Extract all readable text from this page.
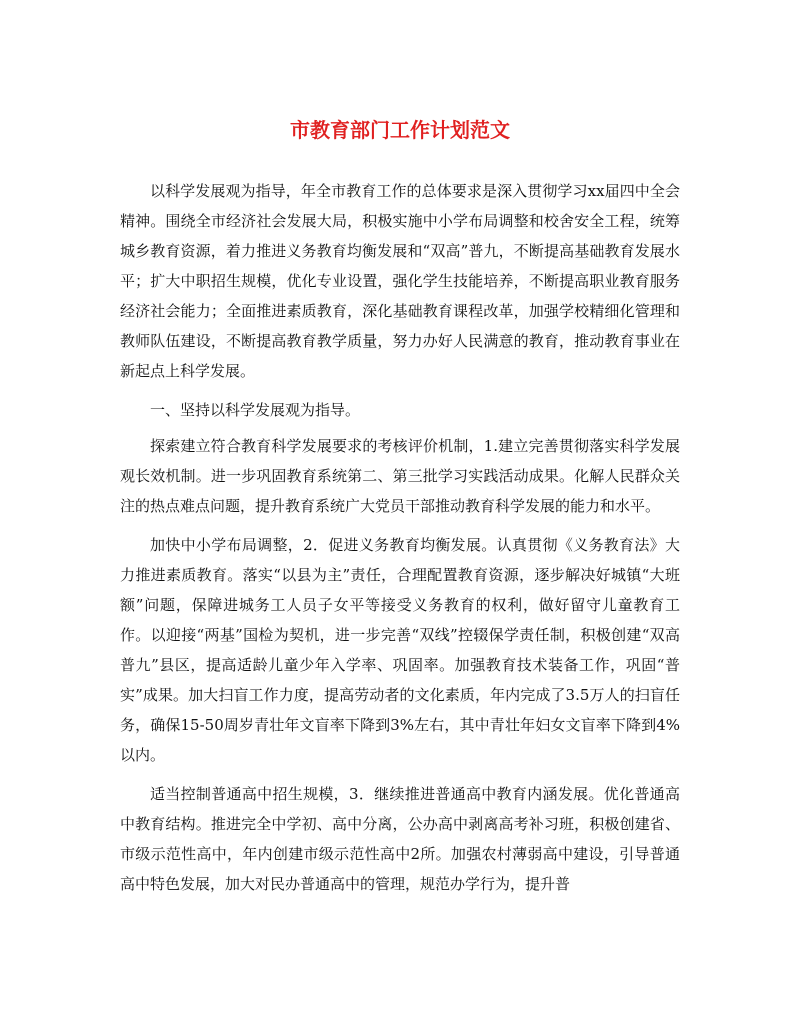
市教育部门工作计划范文

以科学发展观为指导，年全市教育工作的总体要求是深入贯彻学习xx届四中全会精神。围绕全市经济社会发展大局，积极实施中小学布局调整和校舍安全工程，统筹城乡教育资源，着力推进义务教育均衡发展和“双高”普九，不断提高基础教育发展水平；扩大中职招生规模，优化专业设置，强化学生技能培养，不断提高职业教育服务经济社会能力；全面推进素质教育，深化基础教育课程改革，加强学校精细化管理和教师队伍建设，不断提高教育教学质量，努力办好人民满意的教育，推动教育事业在新起点上科学发展。

一、坚持以科学发展观为指导。

探索建立符合教育科学发展要求的考核评价机制，1.建立完善贯彻落实科学发展观长效机制。进一步巩固教育系统第二、第三批学习实践活动成果。化解人民群众关注的热点难点问题，提升教育系统广大党员干部推动教育科学发展的能力和水平。

加快中小学布局调整，2．促进义务教育均衡发展。认真贯彻《义务教育法》大力推进素质教育。落实“以县为主”责任，合理配置教育资源，逐步解决好城镇“大班额”问题，保障进城务工人员子女平等接受义务教育的权利，做好留守儿童教育工作。以迎接“两基”国检为契机，进一步完善“双线”控辍保学责任制，积极创建“双高普九”县区，提高适龄儿童少年入学率、巩固率。加强教育技术装备工作，巩固“普实”成果。加大扫盲工作力度，提高劳动者的文化素质，年内完成了3.5万人的扫盲任务，确保15-50周岁青壮年文盲率下降到3%左右，其中青壮年妇女文盲率下降到4%以内。

适当控制普通高中招生规模，3．继续推进普通高中教育内涵发展。优化普通高中教育结构。推进完全中学初、高中分离，公办高中剥离高考补习班，积极创建省、市级示范性高中，年内创建市级示范性高中2所。加强农村薄弱高中建设，引导普通高中特色发展，加大对民办普通高中的管理，规范办学行为，提升普
